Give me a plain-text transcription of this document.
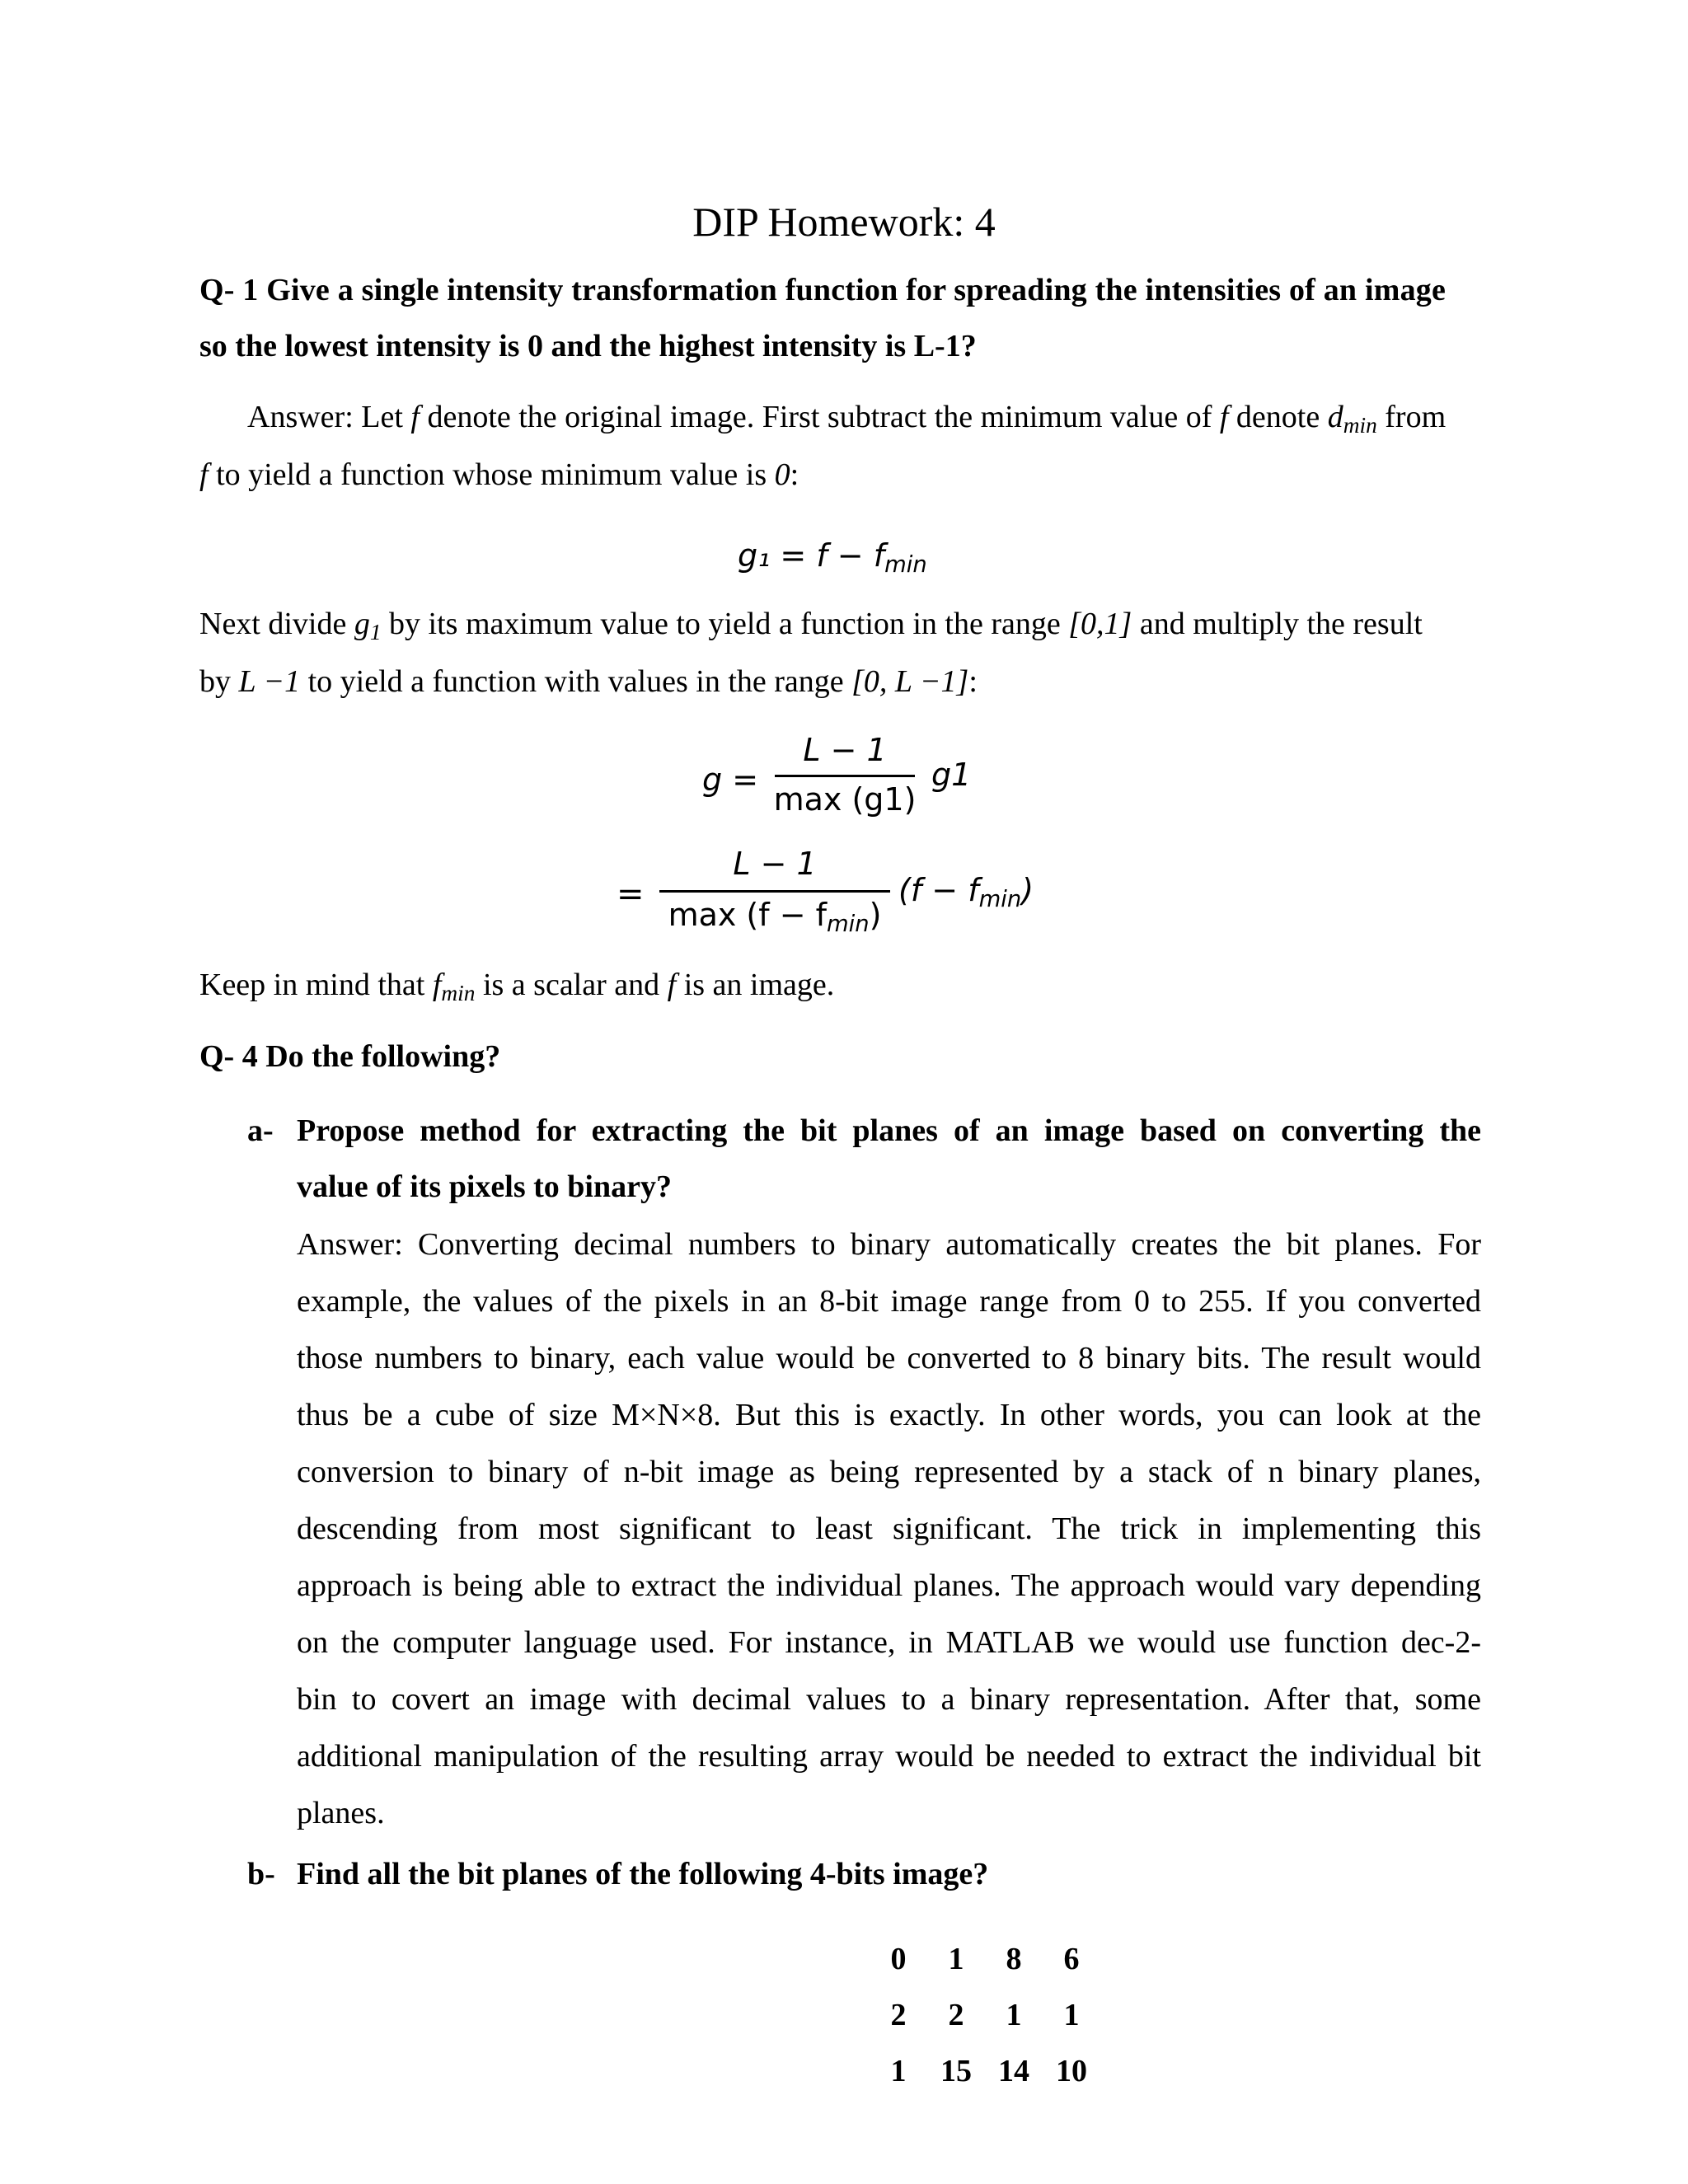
DIP Homework: 4
Q- 1 Give a single intensity transformation function for spreading the intensities of an image
so the lowest intensity is 0 and the highest intensity is L-1?
Answer: Let f denote the original image. First subtract the minimum value of f denote $d_{min}$ from
f to yield a function whose minimum value is 0:
$g_1 = f - f_{min}$
Next divide $g_1$ by its maximum value to yield a function in the range [0,1] and multiply the result
by L −1 to yield a function with values in the range [0, L −1]:
g =
L − 1
max (g1)
g1
=
L − 1
$\max (f - f_{min})$
$(f - f_{min})$
Keep in mind that $f_{min}$ is a scalar and f is an image.
Q- 4 Do the following?
a- Propose method for extracting the bit planes of an image based on converting the
value of its pixels to binary?
Answer: Converting decimal numbers to binary automatically creates the bit planes. For
example, the values of the pixels in an 8-bit image range from 0 to 255. If you converted
those numbers to binary, each value would be converted to 8 binary bits. The result would
thus be a cube of size M×N×8. But this is exactly. In other words, you can look at the
conversion to binary of n-bit image as being represented by a stack of n binary planes,
descending from most significant to least significant. The trick in implementing this
approach is being able to extract the individual planes. The approach would vary depending
on the computer language used. For instance, in MATLAB we would use function dec-2-
bin to covert an image with decimal values to a binary representation. After that, some
additional manipulation of the resulting array would be needed to extract the individual bit
planes.
b- Find all the bit planes of the following 4-bits image?
0	1	8	6
2	2	1	1
1	15 14 10
